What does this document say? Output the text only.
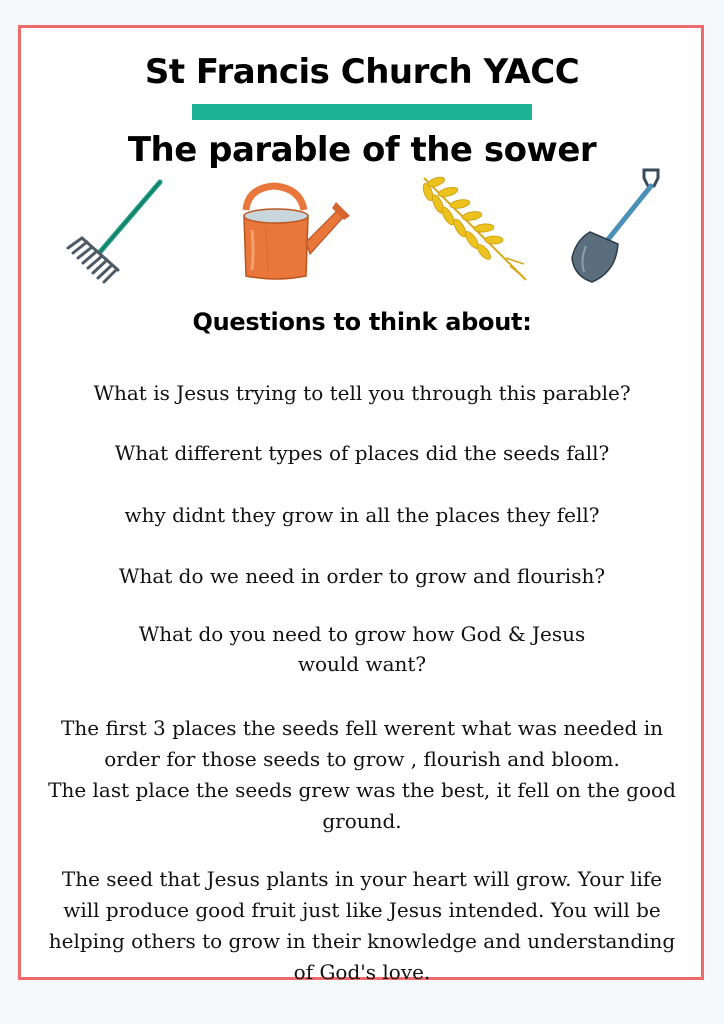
St Francis Church YACC
The parable of the sower
Questions to think about:
What is Jesus trying to tell you through this parable?
What different types of places did the seeds fall?
why didnt they grow in all the places they fell?
What do we need in order to grow and flourish?
What do you need to grow how God & Jesus
would want?
The first 3 places the seeds fell werent what was needed in
order for those seeds to grow , flourish and bloom.
The last place the seeds grew was the best, it fell on the good
ground.
The seed that Jesus plants in your heart will grow. Your life
will produce good fruit just like Jesus intended. You will be
helping others to grow in their knowledge and understanding
of God's love.
